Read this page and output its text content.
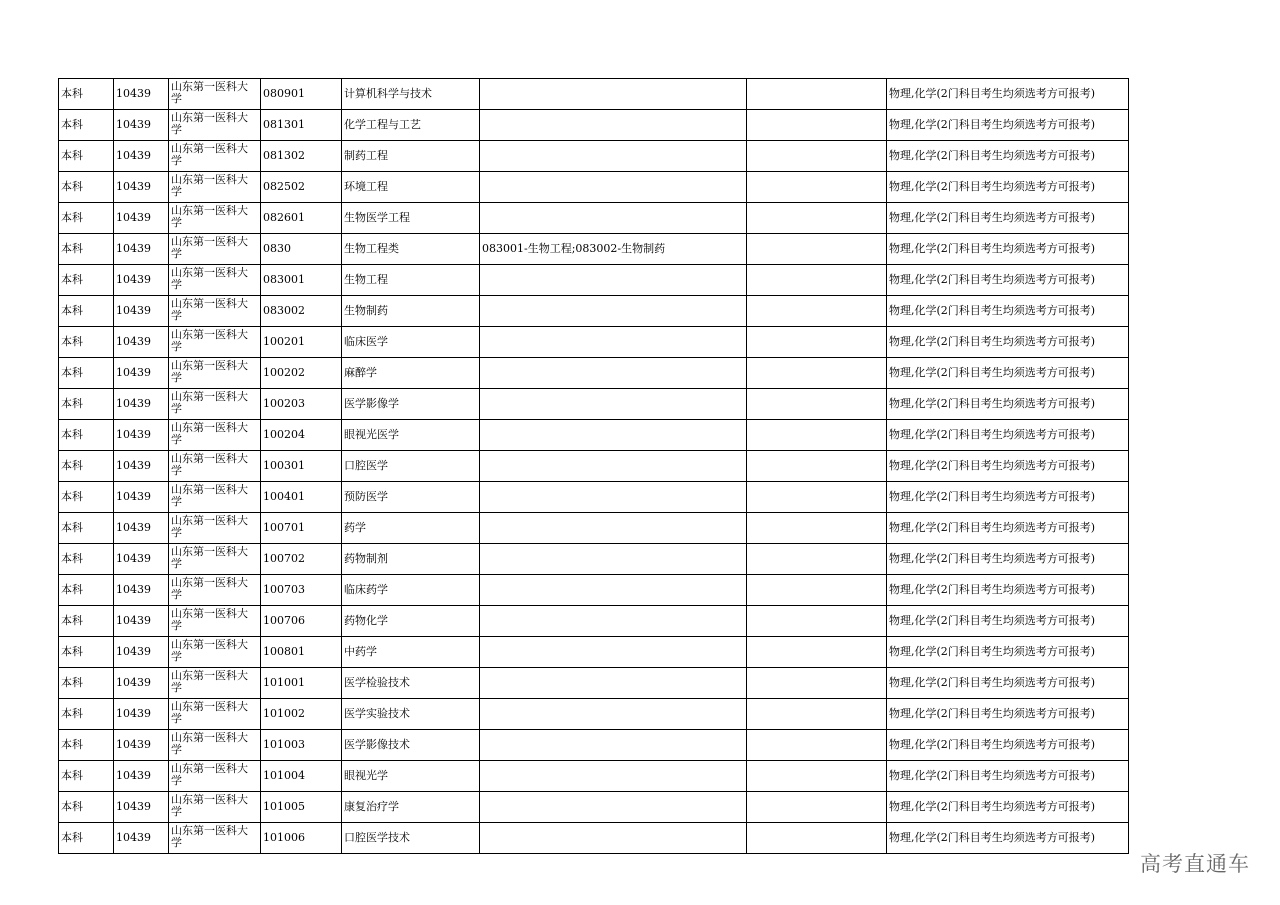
本科	10439	山东第一医科大学	080901	计算机科学与技术			物理,化学(2门科目考生均须选考方可报考)
本科	10439	山东第一医科大学	081301	化学工程与工艺			物理,化学(2门科目考生均须选考方可报考)
本科	10439	山东第一医科大学	081302	制药工程			物理,化学(2门科目考生均须选考方可报考)
本科	10439	山东第一医科大学	082502	环境工程			物理,化学(2门科目考生均须选考方可报考)
本科	10439	山东第一医科大学	082601	生物医学工程			物理,化学(2门科目考生均须选考方可报考)
本科	10439	山东第一医科大学	0830	生物工程类	083001-生物工程;083002-生物制药		物理,化学(2门科目考生均须选考方可报考)
本科	10439	山东第一医科大学	083001	生物工程			物理,化学(2门科目考生均须选考方可报考)
本科	10439	山东第一医科大学	083002	生物制药			物理,化学(2门科目考生均须选考方可报考)
本科	10439	山东第一医科大学	100201	临床医学			物理,化学(2门科目考生均须选考方可报考)
本科	10439	山东第一医科大学	100202	麻醉学			物理,化学(2门科目考生均须选考方可报考)
本科	10439	山东第一医科大学	100203	医学影像学			物理,化学(2门科目考生均须选考方可报考)
本科	10439	山东第一医科大学	100204	眼视光医学			物理,化学(2门科目考生均须选考方可报考)
本科	10439	山东第一医科大学	100301	口腔医学			物理,化学(2门科目考生均须选考方可报考)
本科	10439	山东第一医科大学	100401	预防医学			物理,化学(2门科目考生均须选考方可报考)
本科	10439	山东第一医科大学	100701	药学			物理,化学(2门科目考生均须选考方可报考)
本科	10439	山东第一医科大学	100702	药物制剂			物理,化学(2门科目考生均须选考方可报考)
本科	10439	山东第一医科大学	100703	临床药学			物理,化学(2门科目考生均须选考方可报考)
本科	10439	山东第一医科大学	100706	药物化学			物理,化学(2门科目考生均须选考方可报考)
本科	10439	山东第一医科大学	100801	中药学			物理,化学(2门科目考生均须选考方可报考)
本科	10439	山东第一医科大学	101001	医学检验技术			物理,化学(2门科目考生均须选考方可报考)
本科	10439	山东第一医科大学	101002	医学实验技术			物理,化学(2门科目考生均须选考方可报考)
本科	10439	山东第一医科大学	101003	医学影像技术			物理,化学(2门科目考生均须选考方可报考)
本科	10439	山东第一医科大学	101004	眼视光学			物理,化学(2门科目考生均须选考方可报考)
本科	10439	山东第一医科大学	101005	康复治疗学			物理,化学(2门科目考生均须选考方可报考)
本科	10439	山东第一医科大学	101006	口腔医学技术			物理,化学(2门科目考生均须选考方可报考)
高考直通车
